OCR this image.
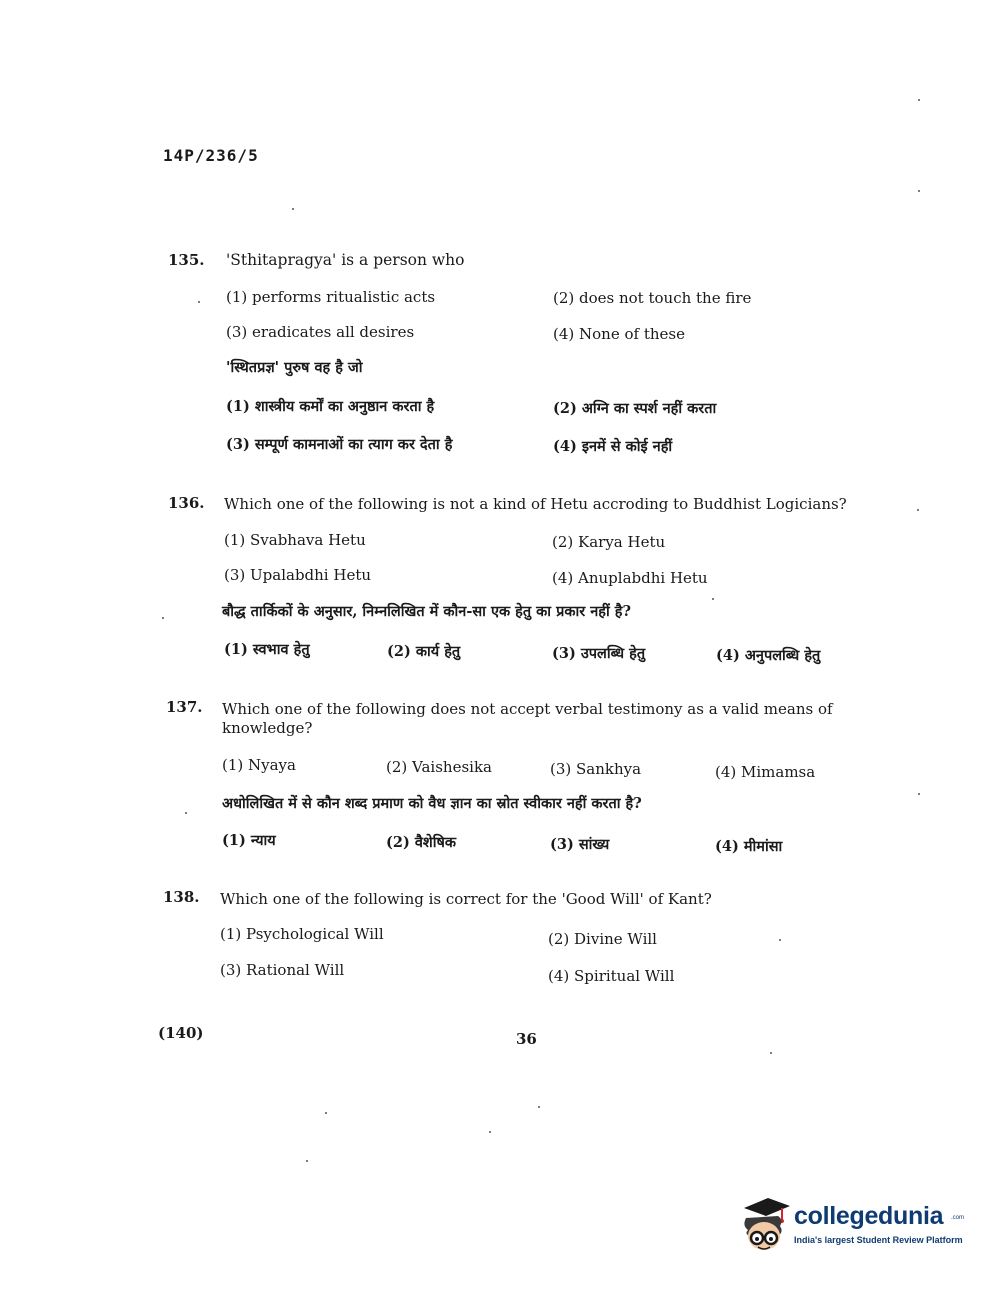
14P/236/5
135. 'Sthitapragya' is a person who
(1) performs ritualistic acts	(2) does not touch the fire
(3) eradicates all desires	(4) None of these
'स्थितप्रज्ञ' पुरुष वह है जो
(1) शास्त्रीय कर्मों का अनुष्ठान करता है	(2) अग्नि का स्पर्श नहीं करता
(3) सम्पूर्ण कामनाओं का त्याग कर देता है	(4) इनमें से कोई नहीं
136. Which one of the following is not a kind of Hetu accroding to Buddhist Logicians?
(1) Svabhava Hetu	(2) Karya Hetu
(3) Upalabdhi Hetu	(4) Anuplabdhi Hetu
बौद्ध तार्किकों के अनुसार, निम्नलिखित में कौन-सा एक हेतु का प्रकार नहीं है?
(1) स्वभाव हेतु	(2) कार्य हेतु	(3) उपलब्धि हेतु	(4) अनुपलब्धि हेतु
137. Which one of the following does not accept verbal testimony as a valid means of
knowledge?
(1) Nyaya	(2) Vaishesika	(3) Sankhya	(4) Mimamsa
अधोलिखित में से कौन शब्द प्रमाण को वैध ज्ञान का स्रोत स्वीकार नहीं करता है?
(1) न्याय	(2) वैशेषिक	(3) सांख्य	(4) मीमांसा
138. Which one of the following is correct for the 'Good Will' of Kant?
(1) Psychological Will	(2) Divine Will
(3) Rational Will	(4) Spiritual Will
(140)	36
collegedunia .com
India's largest Student Review Platform
